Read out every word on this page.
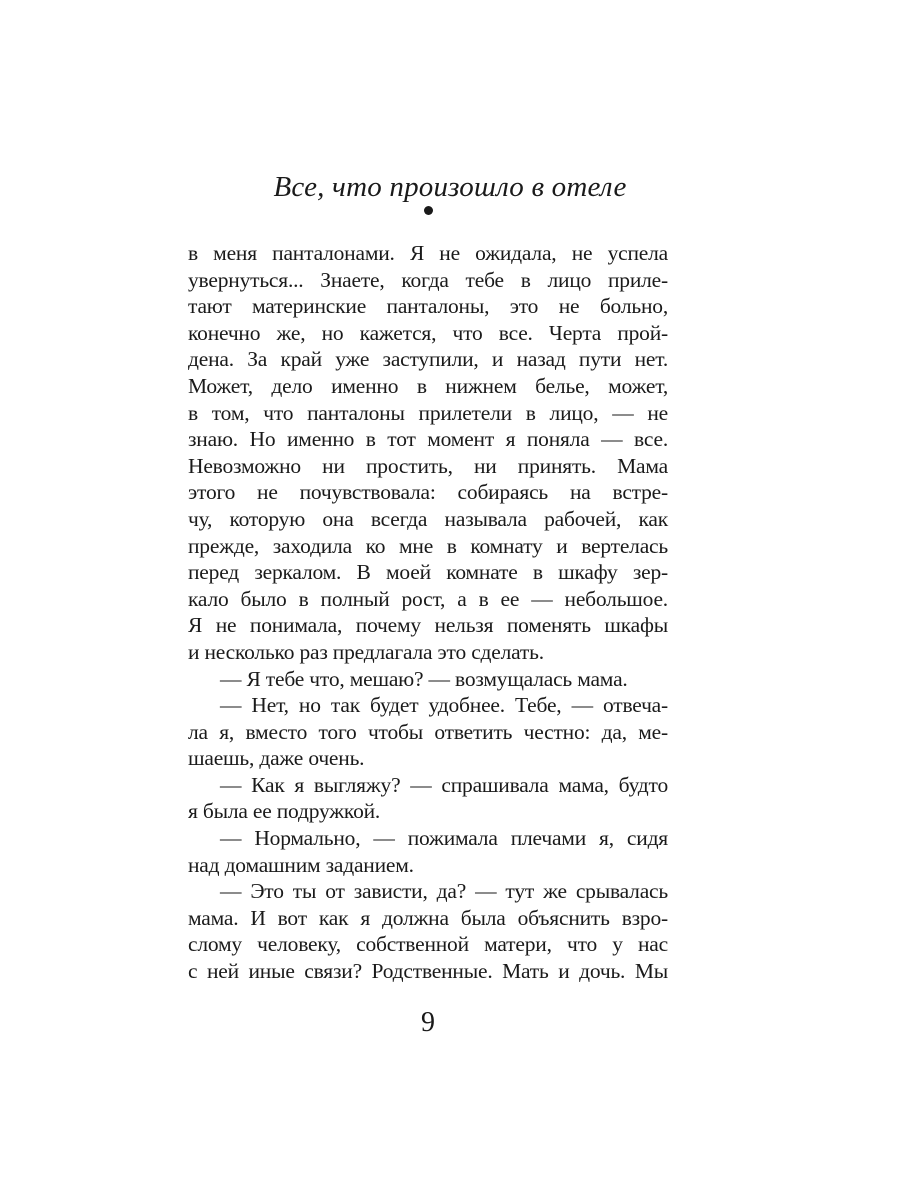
Все, что произошло в отеле
в меня панталонами. Я не ожидала, не успела
увернуться... Знаете, когда тебе в лицо приле-
тают материнские панталоны, это не больно,
конечно же, но кажется, что все. Черта прой-
дена. За край уже заступили, и назад пути нет.
Может, дело именно в нижнем белье, может,
в том, что панталоны прилетели в лицо, — не
знаю. Но именно в тот момент я поняла — все.
Невозможно ни простить, ни принять. Мама
этого не почувствовала: собираясь на встре-
чу, которую она всегда называла рабочей, как
прежде, заходила ко мне в комнату и вертелась
перед зеркалом. В моей комнате в шкафу зер-
кало было в полный рост, а в ее — небольшое.
Я не понимала, почему нельзя поменять шкафы
и несколько раз предлагала это сделать.
— Я тебе что, мешаю? — возмущалась мама.
— Нет, но так будет удобнее. Тебе, — отвеча-
ла я, вместо того чтобы ответить честно: да, ме-
шаешь, даже очень.
— Как я выгляжу? — спрашивала мама, будто
я была ее подружкой.
— Нормально, — пожимала плечами я, сидя
над домашним заданием.
— Это ты от зависти, да? — тут же срывалась
мама. И вот как я должна была объяснить взро-
слому человеку, собственной матери, что у нас
с ней иные связи? Родственные. Мать и дочь. Мы
9
